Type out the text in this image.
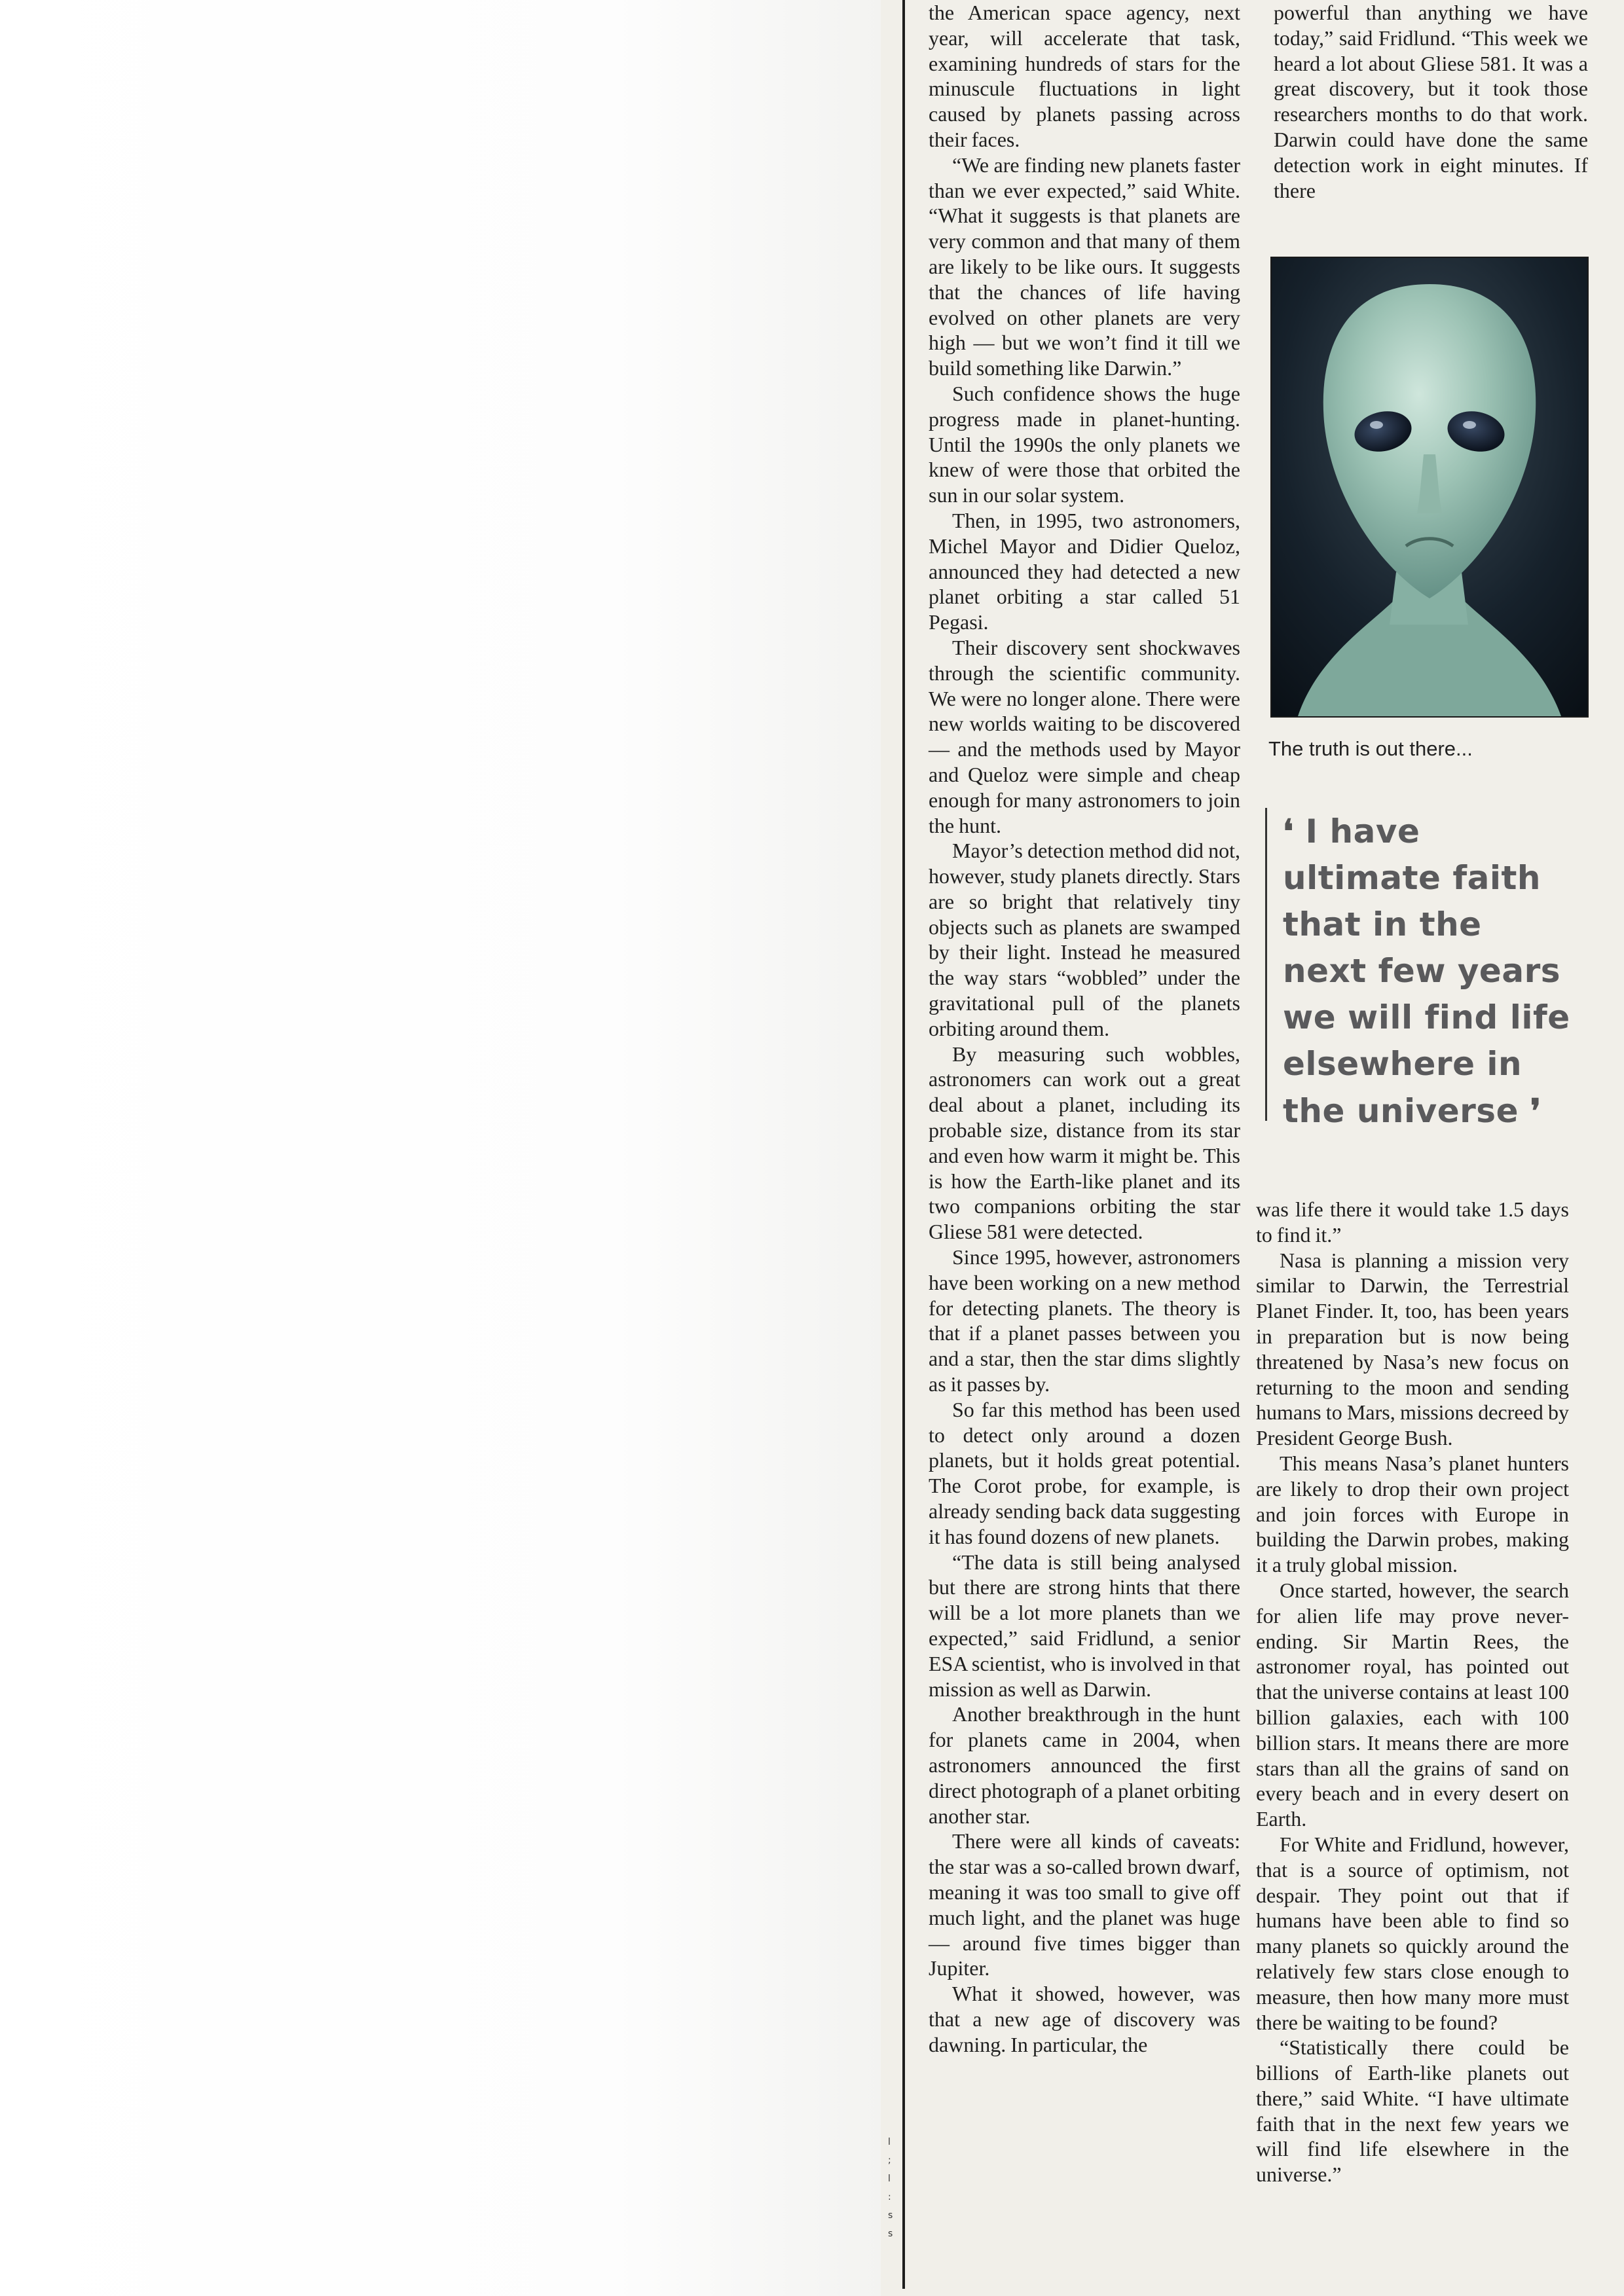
the American space agency, next year, will accelerate that task, examining hundreds of stars for the minuscule fluctuations in light caused by planets passing across their faces.

“We are finding new planets faster than we ever expected,” said White. “What it suggests is that planets are very common and that many of them are likely to be like ours. It suggests that the chances of life having evolved on other planets are very high — but we won’t find it till we build something like Darwin.”

Such confidence shows the huge progress made in planet-hunting. Until the 1990s the only planets we knew of were those that orbited the sun in our solar system.

Then, in 1995, two astronomers, Michel Mayor and Didier Queloz, announced they had detected a new planet orbiting a star called 51 Pegasi.

Their discovery sent shockwaves through the scientific community. We were no longer alone. There were new worlds waiting to be discovered — and the methods used by Mayor and Queloz were simple and cheap enough for many astronomers to join the hunt.

Mayor’s detection method did not, however, study planets directly. Stars are so bright that relatively tiny objects such as planets are swamped by their light. Instead he measured the way stars “wobbled” under the gravitational pull of the planets orbiting around them.

By measuring such wobbles, astronomers can work out a great deal about a planet, including its probable size, distance from its star and even how warm it might be. This is how the Earth-like planet and its two companions orbiting the star Gliese 581 were detected.

Since 1995, however, astronomers have been working on a new method for detecting planets. The theory is that if a planet passes between you and a star, then the star dims slightly as it passes by.

So far this method has been used to detect only around a dozen planets, but it holds great potential. The Corot probe, for example, is already sending back data suggesting it has found dozens of new planets.

“The data is still being analysed but there are strong hints that there will be a lot more planets than we expected,” said Fridlund, a senior ESA scientist, who is involved in that mission as well as Darwin.

Another breakthrough in the hunt for planets came in 2004, when astronomers announced the first direct photograph of a planet orbiting another star.

There were all kinds of caveats: the star was a so-called brown dwarf, meaning it was too small to give off much light, and the planet was huge — around five times bigger than Jupiter.

What it showed, however, was that a new age of discovery was dawning. In particular, the

powerful than anything we have today,” said Fridlund. “This week we heard a lot about Gliese 581. It was a great discovery, but it took those researchers months to do that work. Darwin could have done the same detection work in eight minutes. If there

The truth is out there...
❛ I have ultimate faith that in the next few years we will find life elsewhere in the universe ❜

was life there it would take 1.5 days to find it.”

Nasa is planning a mission very similar to Darwin, the Terrestrial Planet Finder. It, too, has been years in preparation but is now being threatened by Nasa’s new focus on returning to the moon and sending humans to Mars, missions decreed by President George Bush.

This means Nasa’s planet hunters are likely to drop their own project and join forces with Europe in building the Darwin probes, making it a truly global mission.

Once started, however, the search for alien life may prove never-ending. Sir Martin Rees, the astronomer royal, has pointed out that the universe contains at least 100 billion galaxies, each with 100 billion stars. It means there are more stars than all the grains of sand on every beach and in every desert on Earth.

For White and Fridlund, however, that is a source of optimism, not despair. They point out that if humans have been able to find so many planets so quickly around the relatively few stars close enough to measure, then how many more must there be waiting to be found?

“Statistically there could be billions of Earth-like planets out there,” said White. “I have ultimate faith that in the next few years we will find life elsewhere in the universe.”

l
;
l
:
s
s
